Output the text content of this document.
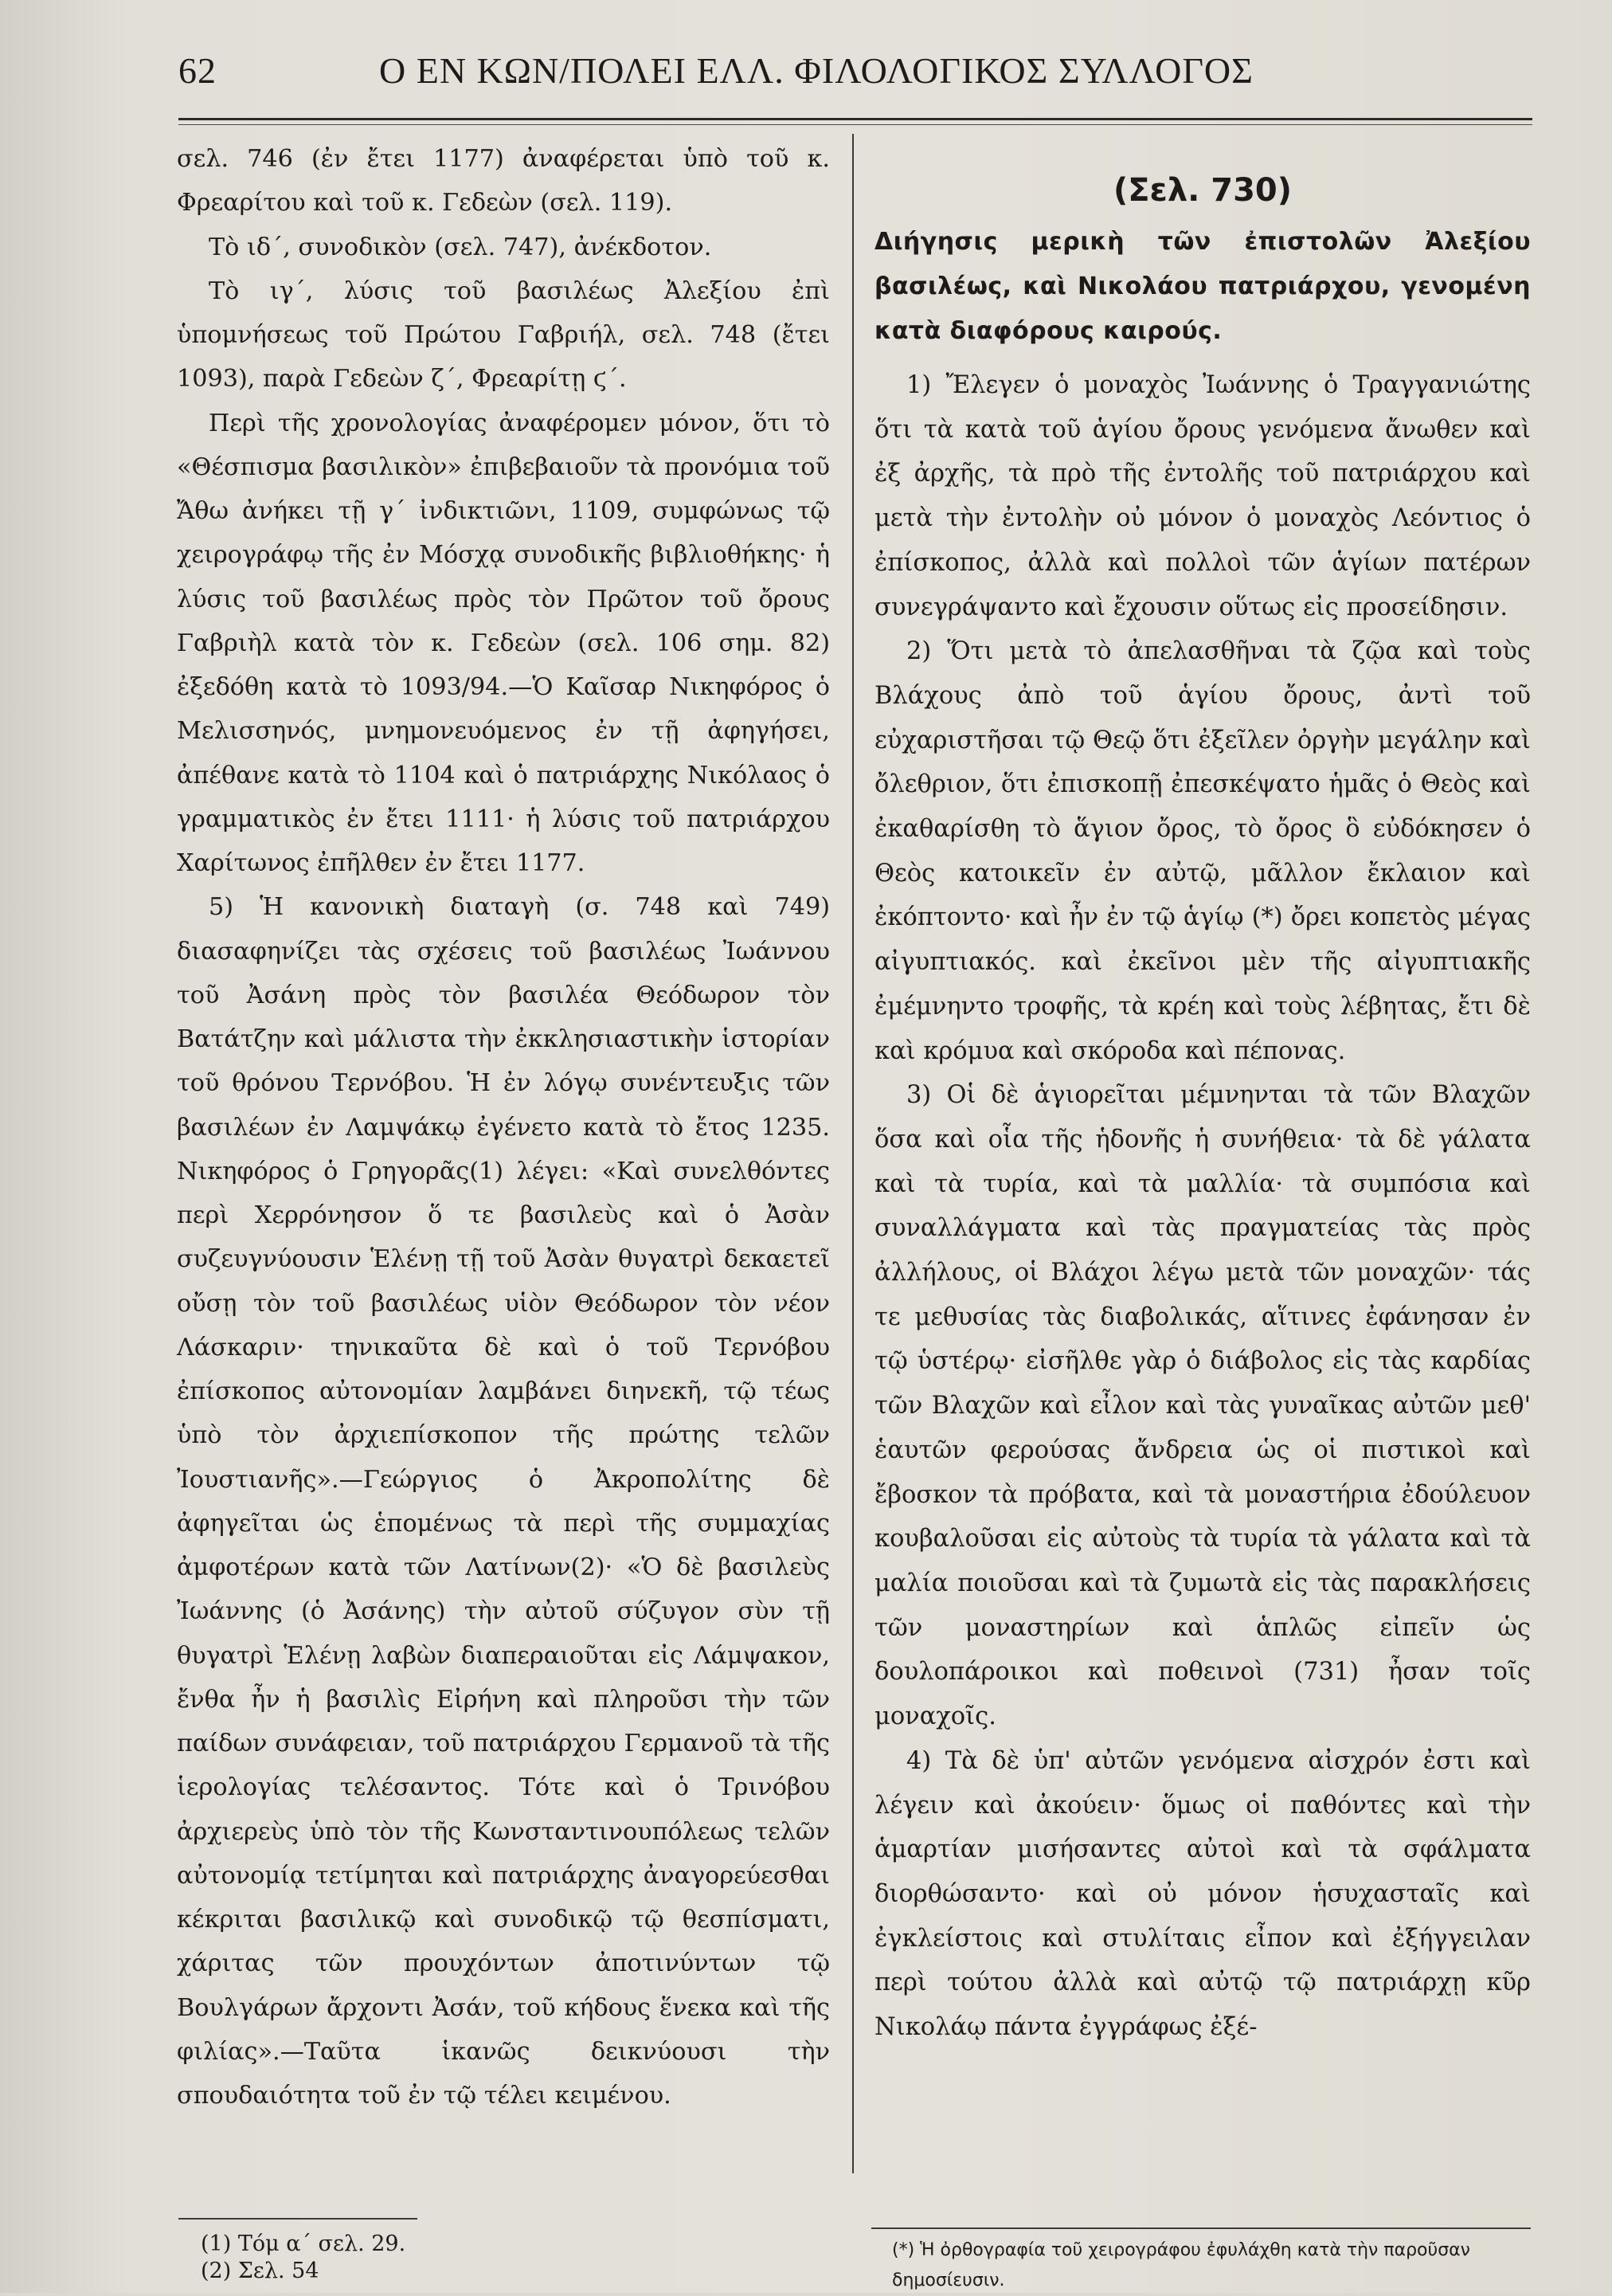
62	Ο ΕΝ ΚΩΝ/ΠΟΛΕΙ ΕΛΛ. ΦΙΛΟΛΟΓΙΚΟΣ ΣΥΛΛΟΓΟΣ

σελ. 746 (ἐν ἔτει 1177) ἀναφέρεται ὑπὸ τοῦ κ. Φρεαρίτου καὶ τοῦ κ. Γεδεὼν (σελ. 119).

Τὸ ιδ΄, συνοδικὸν (σελ. 747), ἀνέκδοτον.

Τὸ ιγ΄, λύσις τοῦ βασιλέως Ἀλεξίου ἐπὶ ὑπομνήσεως τοῦ Πρώτου Γαβριήλ, σελ. 748 (ἔτει 1093), παρὰ Γεδεὼν ζ΄, Φρεαρίτῃ ϛ΄.

Περὶ τῆς χρονολογίας ἀναφέρομεν μόνον, ὅτι τὸ «Θέσπισμα βασιλικὸν» ἐπιβεβαιοῦν τὰ προνόμια τοῦ Ἄθω ἀνήκει τῇ γ΄ ἰνδικτιῶνι, 1109, συμφώνως τῷ χειρογράφῳ τῆς ἐν Μόσχᾳ συνοδικῆς βιβλιοθήκης· ἡ λύσις τοῦ βασιλέως πρὸς τὸν Πρῶτον τοῦ ὄρους Γαβριὴλ κατὰ τὸν κ. Γεδεὼν (σελ. 106 σημ. 82) ἐξεδόθη κατὰ τὸ 1093/94.—Ὁ Καῖσαρ Νικηφόρος ὁ Μελισσηνός, μνημονευόμενος ἐν τῇ ἀφηγήσει, ἀπέθανε κατὰ τὸ 1104 καὶ ὁ πατριάρχης Νικόλαος ὁ γραμματικὸς ἐν ἔτει 1111· ἡ λύσις τοῦ πατριάρχου Χαρίτωνος ἐπῆλθεν ἐν ἔτει 1177.

5) Ἡ κανονικὴ διαταγὴ (σ. 748 καὶ 749) διασαφηνίζει τὰς σχέσεις τοῦ βασιλέως Ἰωάννου τοῦ Ἀσάνη πρὸς τὸν βασιλέα Θεόδωρον τὸν Βατάτζην καὶ μάλιστα τὴν ἐκκλησιαστικὴν ἱστορίαν τοῦ θρόνου Τερνόβου. Ἡ ἐν λόγῳ συνέντευξις τῶν βασιλέων ἐν Λαμψάκῳ ἐγένετο κατὰ τὸ ἔτος 1235. Νικηφόρος ὁ Γρηγορᾶς(1) λέγει: «Καὶ συνελθόντες περὶ Χερρόνησον ὅ τε βασιλεὺς καὶ ὁ Ἀσὰν συζευγνύουσιν Ἑλένῃ τῇ τοῦ Ἀσὰν θυγατρὶ δεκαετεῖ οὔσῃ τὸν τοῦ βασιλέως υἱὸν Θεόδωρον τὸν νέον Λάσκαριν· τηνικαῦτα δὲ καὶ ὁ τοῦ Τερνόβου ἐπίσκοπος αὐτονομίαν λαμβάνει διηνεκῆ, τῷ τέως ὑπὸ τὸν ἀρχιεπίσκοπον τῆς πρώτης τελῶν Ἰουστιανῆς».—Γεώργιος ὁ Ἀκροπολίτης δὲ ἀφηγεῖται ὡς ἑπομένως τὰ περὶ τῆς συμμαχίας ἀμφοτέρων κατὰ τῶν Λατίνων(2)· «Ὁ δὲ βασιλεὺς Ἰωάννης (ὁ Ἀσάνης) τὴν αὐτοῦ σύζυγον σὺν τῇ θυγατρὶ Ἑλένῃ λαβὼν διαπεραιοῦται εἰς Λάμψακον, ἔνθα ἦν ἡ βασιλὶς Εἰρήνη καὶ πληροῦσι τὴν τῶν παίδων συνάφειαν, τοῦ πατριάρχου Γερμανοῦ τὰ τῆς ἱερολογίας τελέσαντος. Τότε καὶ ὁ Τρινόβου ἀρχιερεὺς ὑπὸ τὸν τῆς Κωνσταντινουπόλεως τελῶν αὐτονομίᾳ τετίμηται καὶ πατριάρχης ἀναγορεύεσθαι κέκριται βασιλικῷ καὶ συνοδικῷ τῷ θεσπίσματι, χάριτας τῶν προυχόντων ἀποτινύντων τῷ Βουλγάρων ἄρχοντι Ἀσάν, τοῦ κήδους ἕνεκα καὶ τῆς φιλίας».—Ταῦτα ἱκανῶς δεικνύουσι τὴν σπουδαιότητα τοῦ ἐν τῷ τέλει κειμένου.

(Σελ. 730)
Διήγησις μερικὴ τῶν ἐπιστολῶν Ἀλεξίου βασιλέως, καὶ Νικολάου πατριάρχου, γενομένη κατὰ διαφόρους καιρούς.

1) Ἔλεγεν ὁ μοναχὸς Ἰωάννης ὁ Τραγγανιώτης ὅτι τὰ κατὰ τοῦ ἁγίου ὄρους γενόμενα ἄνωθεν καὶ ἐξ ἀρχῆς, τὰ πρὸ τῆς ἐντολῆς τοῦ πατριάρχου καὶ μετὰ τὴν ἐντολὴν οὐ μόνον ὁ μοναχὸς Λεόντιος ὁ ἐπίσκοπος, ἀλλὰ καὶ πολλοὶ τῶν ἁγίων πατέρων συνεγράψαντο καὶ ἔχουσιν οὕτως εἰς προσείδησιν.

2) Ὅτι μετὰ τὸ ἀπελασθῆναι τὰ ζῷα καὶ τοὺς Βλάχους ἀπὸ τοῦ ἁγίου ὄρους, ἀντὶ τοῦ εὐχαριστῆσαι τῷ Θεῷ ὅτι ἐξεῖλεν ὀργὴν μεγάλην καὶ ὄλεθριον, ὅτι ἐπισκοπῇ ἐπεσκέψατο ἡμᾶς ὁ Θεὸς καὶ ἐκαθαρίσθη τὸ ἅγιον ὄρος, τὸ ὄρος ὃ εὐδόκησεν ὁ Θεὸς κατοικεῖν ἐν αὐτῷ, μᾶλλον ἔκλαιον καὶ ἐκόπτοντο· καὶ ἦν ἐν τῷ ἁγίῳ (*) ὄρει κοπετὸς μέγας αἰγυπτιακός. καὶ ἐκεῖνοι μὲν τῆς αἰγυπτιακῆς ἐμέμνηντο τροφῆς, τὰ κρέη καὶ τοὺς λέβητας, ἔτι δὲ καὶ κρόμυα καὶ σκόροδα καὶ πέπονας.

3) Οἱ δὲ ἁγιορεῖται μέμνηνται τὰ τῶν Βλαχῶν ὅσα καὶ οἷα τῆς ἡδονῆς ἡ συνήθεια· τὰ δὲ γάλατα καὶ τὰ τυρία, καὶ τὰ μαλλία· τὰ συμπόσια καὶ συναλλάγματα καὶ τὰς πραγματείας τὰς πρὸς ἀλλήλους, οἱ Βλάχοι λέγω μετὰ τῶν μοναχῶν· τάς τε μεθυσίας τὰς διαβολικάς, αἵτινες ἐφάνησαν ἐν τῷ ὑστέρῳ· εἰσῆλθε γὰρ ὁ διάβολος εἰς τὰς καρδίας τῶν Βλαχῶν καὶ εἶλον καὶ τὰς γυναῖκας αὐτῶν μεθ' ἑαυτῶν φερούσας ἄνδρεια ὡς οἱ πιστικοὶ καὶ ἔβοσκον τὰ πρόβατα, καὶ τὰ μοναστήρια ἐδούλευον κουβαλοῦσαι εἰς αὐτοὺς τὰ τυρία τὰ γάλατα καὶ τὰ μαλία ποιοῦσαι καὶ τὰ ζυμωτὰ εἰς τὰς παρακλήσεις τῶν μοναστηρίων καὶ ἁπλῶς εἰπεῖν ὡς δουλοπάροικοι καὶ ποθεινοὶ (731) ἦσαν τοῖς μοναχοῖς.

4) Τὰ δὲ ὑπ' αὐτῶν γενόμενα αἰσχρόν ἐστι καὶ λέγειν καὶ ἀκούειν· ὅμως οἱ παθόντες καὶ τὴν ἁμαρτίαν μισήσαντες αὐτοὶ καὶ τὰ σφάλματα διορθώσαντο· καὶ οὐ μόνον ἡσυχασταῖς καὶ ἐγκλείστοις καὶ στυλίταις εἶπον καὶ ἐξήγγειλαν περὶ τούτου ἀλλὰ καὶ αὐτῷ τῷ πατριάρχῃ κῦρ Νικολάῳ πάντα ἐγγράφως ἐξέ-

(1) Τόμ α΄ σελ. 29.
(2) Σελ. 54
(*) Ἡ ὀρθογραφία τοῦ χειρογράφου ἐφυλάχθη κατὰ τὴν παροῦσαν δημοσίευσιν.
